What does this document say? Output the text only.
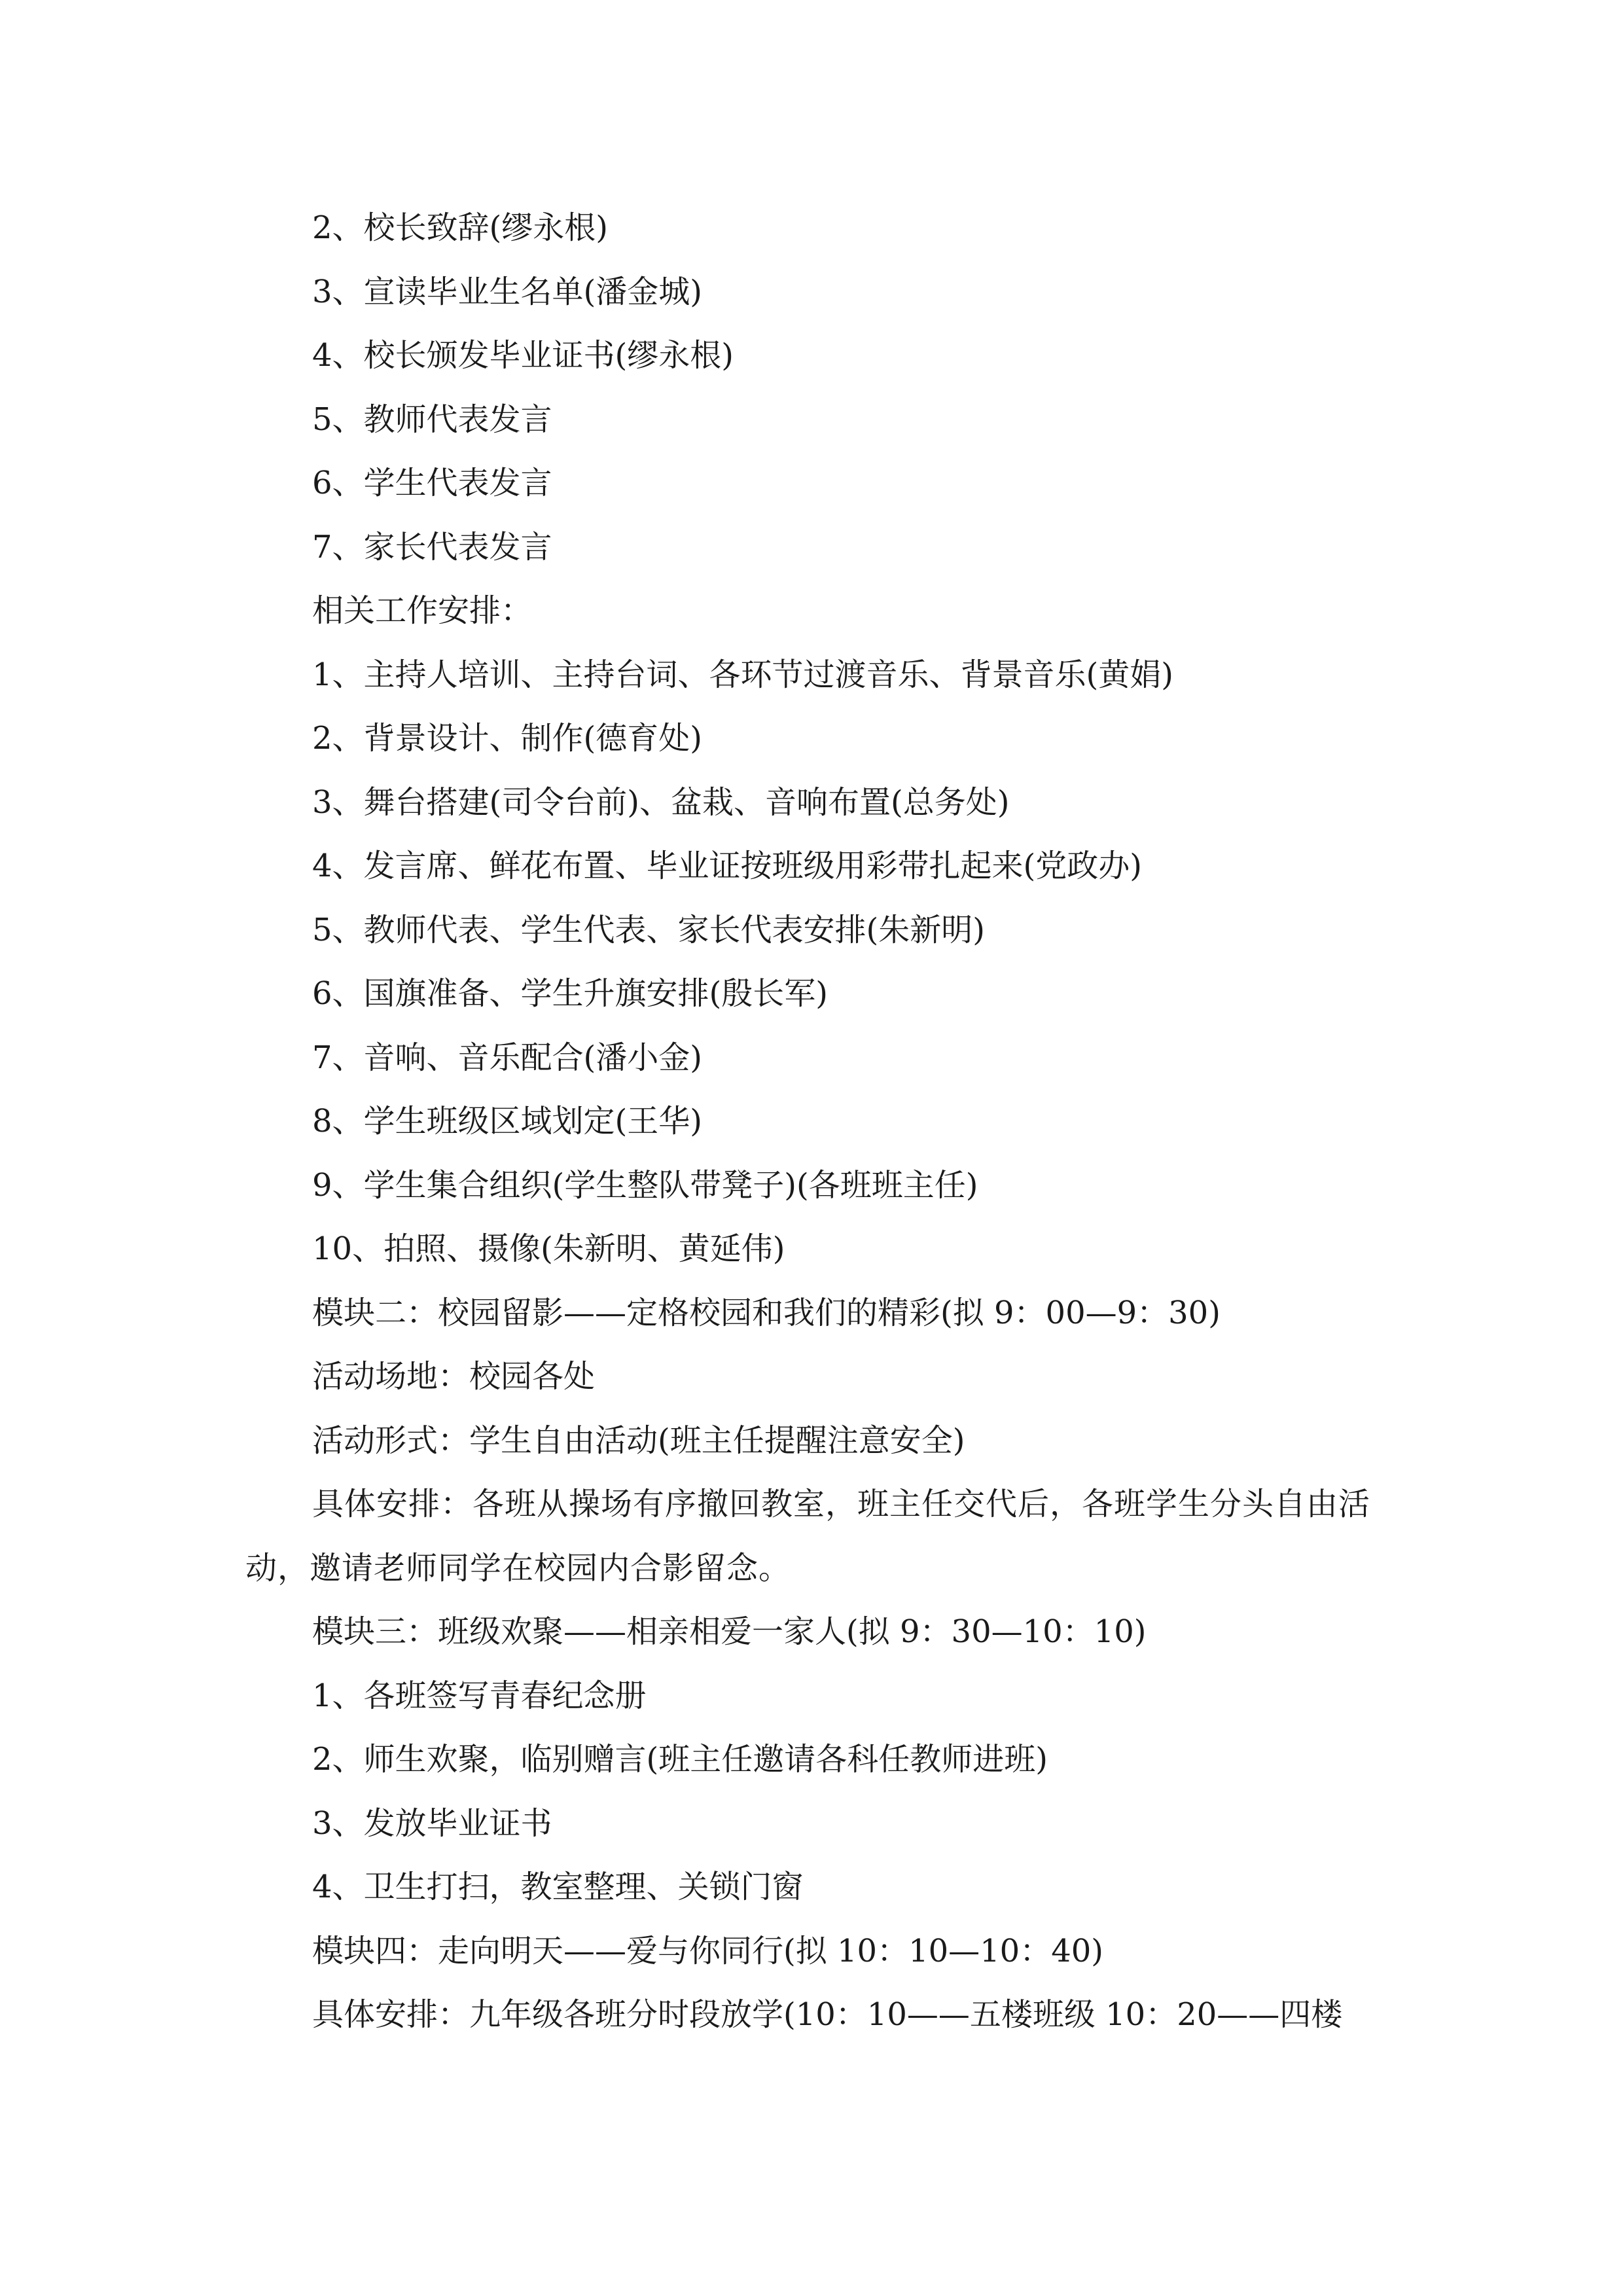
2、校长致辞(缪永根)
3、宣读毕业生名单(潘金城)
4、校长颁发毕业证书(缪永根)
5、教师代表发言
6、学生代表发言
7、家长代表发言
相关工作安排：
1、主持人培训、主持台词、各环节过渡音乐、背景音乐(黄娟)
2、背景设计、制作(德育处)
3、舞台搭建(司令台前)、盆栽、音响布置(总务处)
4、发言席、鲜花布置、毕业证按班级用彩带扎起来(党政办)
5、教师代表、学生代表、家长代表安排(朱新明)
6、国旗准备、学生升旗安排(殷长军)
7、音响、音乐配合(潘小金)
8、学生班级区域划定(王华)
9、学生集合组织(学生整队带凳子)(各班班主任)
10、拍照、摄像(朱新明、黄延伟)
模块二：校园留影——定格校园和我们的精彩(拟 9：00—9：30)
活动场地：校园各处
活动形式：学生自由活动(班主任提醒注意安全)

具体安排：各班从操场有序撤回教室，班主任交代后，各班学生分头自由活动，邀请老师同学在校园内合影留念。

模块三：班级欢聚——相亲相爱一家人(拟 9：30—10：10)
1、各班签写青春纪念册
2、师生欢聚，临别赠言(班主任邀请各科任教师进班)
3、发放毕业证书
4、卫生打扫，教室整理、关锁门窗
模块四：走向明天——爱与你同行(拟 10：10—10：40)
具体安排：九年级各班分时段放学(10：10——五楼班级 10：20——四楼
